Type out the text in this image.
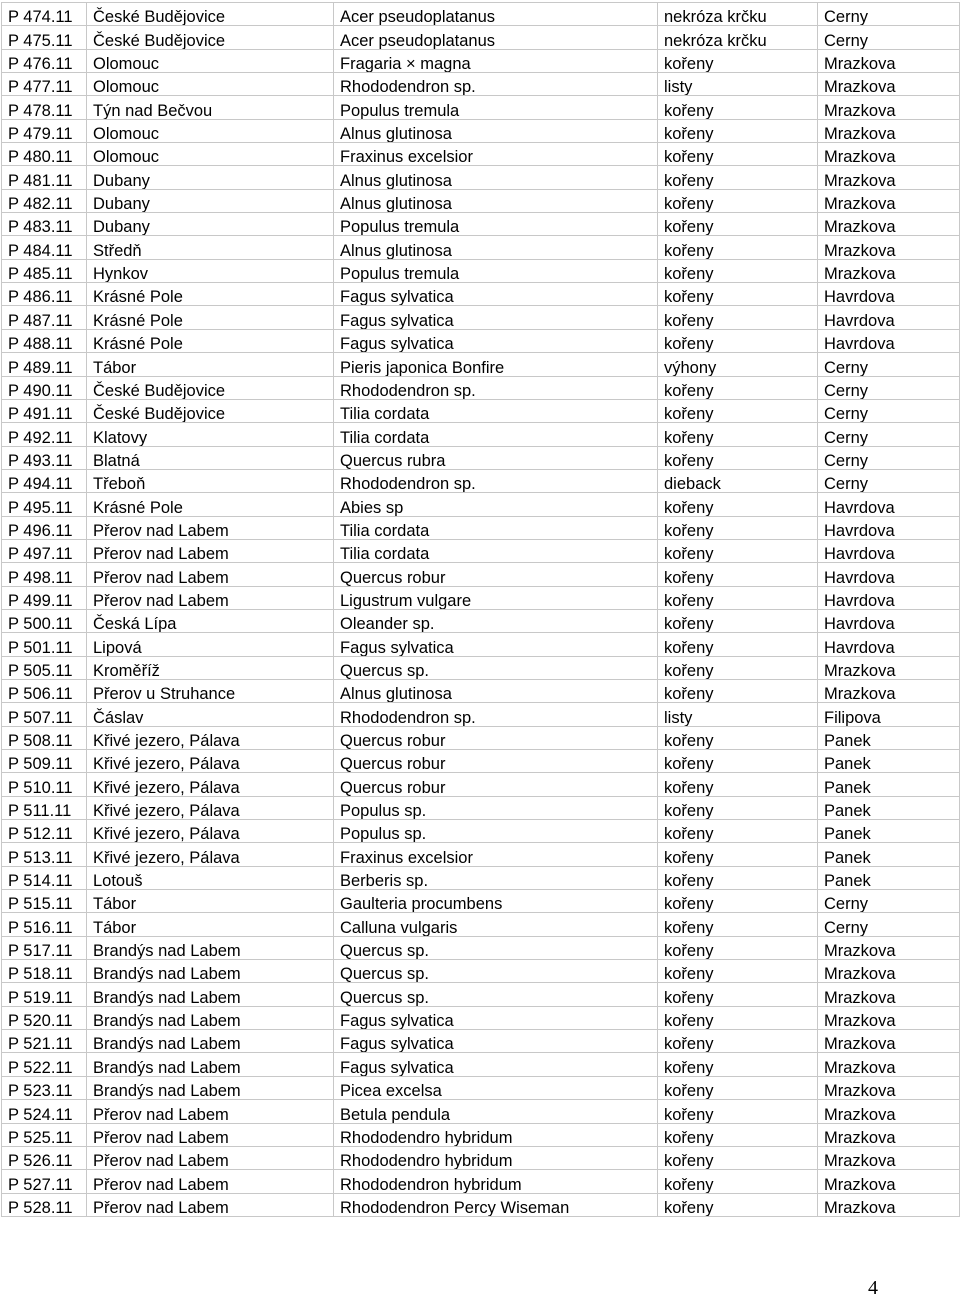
P 474.11	České Budějovice	Acer pseudoplatanus	nekróza krčku	Cerny
P 475.11	České Budějovice	Acer pseudoplatanus	nekróza krčku	Cerny
P 476.11	Olomouc	Fragaria × magna	kořeny	Mrazkova
P 477.11	Olomouc	Rhododendron sp.	listy	Mrazkova
P 478.11	Týn nad Bečvou	Populus tremula	kořeny	Mrazkova
P 479.11	Olomouc	Alnus glutinosa	kořeny	Mrazkova
P 480.11	Olomouc	Fraxinus excelsior	kořeny	Mrazkova
P 481.11	Dubany	Alnus glutinosa	kořeny	Mrazkova
P 482.11	Dubany	Alnus glutinosa	kořeny	Mrazkova
P 483.11	Dubany	Populus tremula	kořeny	Mrazkova
P 484.11	Středň	Alnus glutinosa	kořeny	Mrazkova
P 485.11	Hynkov	Populus tremula	kořeny	Mrazkova
P 486.11	Krásné Pole	Fagus sylvatica	kořeny	Havrdova
P 487.11	Krásné Pole	Fagus sylvatica	kořeny	Havrdova
P 488.11	Krásné Pole	Fagus sylvatica	kořeny	Havrdova
P 489.11	Tábor	Pieris japonica Bonfire	výhony	Cerny
P 490.11	České Budějovice	Rhododendron sp.	kořeny	Cerny
P 491.11	České Budějovice	Tilia cordata	kořeny	Cerny
P 492.11	Klatovy	Tilia cordata	kořeny	Cerny
P 493.11	Blatná	Quercus rubra	kořeny	Cerny
P 494.11	Třeboň	Rhododendron sp.	dieback	Cerny
P 495.11	Krásné Pole	Abies sp	kořeny	Havrdova
P 496.11	Přerov nad Labem	Tilia cordata	kořeny	Havrdova
P 497.11	Přerov nad Labem	Tilia cordata	kořeny	Havrdova
P 498.11	Přerov nad Labem	Quercus robur	kořeny	Havrdova
P 499.11	Přerov nad Labem	Ligustrum vulgare	kořeny	Havrdova
P 500.11	Česká Lípa	Oleander sp.	kořeny	Havrdova
P 501.11	Lipová	Fagus sylvatica	kořeny	Havrdova
P 505.11	Kroměříž	Quercus sp.	kořeny	Mrazkova
P 506.11	Přerov u Struhance	Alnus glutinosa	kořeny	Mrazkova
P 507.11	Čáslav	Rhododendron sp.	listy	Filipova
P 508.11	Křivé jezero, Pálava	Quercus robur	kořeny	Panek
P 509.11	Křivé jezero, Pálava	Quercus robur	kořeny	Panek
P 510.11	Křivé jezero, Pálava	Quercus robur	kořeny	Panek
P 511.11	Křivé jezero, Pálava	Populus sp.	kořeny	Panek
P 512.11	Křivé jezero, Pálava	Populus sp.	kořeny	Panek
P 513.11	Křivé jezero, Pálava	Fraxinus excelsior	kořeny	Panek
P 514.11	Lotouš	Berberis sp.	kořeny	Panek
P 515.11	Tábor	Gaulteria procumbens	kořeny	Cerny
P 516.11	Tábor	Calluna vulgaris	kořeny	Cerny
P 517.11	Brandýs nad Labem	Quercus sp.	kořeny	Mrazkova
P 518.11	Brandýs nad Labem	Quercus sp.	kořeny	Mrazkova
P 519.11	Brandýs nad Labem	Quercus sp.	kořeny	Mrazkova
P 520.11	Brandýs nad Labem	Fagus sylvatica	kořeny	Mrazkova
P 521.11	Brandýs nad Labem	Fagus sylvatica	kořeny	Mrazkova
P 522.11	Brandýs nad Labem	Fagus sylvatica	kořeny	Mrazkova
P 523.11	Brandýs nad Labem	Picea excelsa	kořeny	Mrazkova
P 524.11	Přerov nad Labem	Betula pendula	kořeny	Mrazkova
P 525.11	Přerov nad Labem	Rhododendro hybridum	kořeny	Mrazkova
P 526.11	Přerov nad Labem	Rhododendro hybridum	kořeny	Mrazkova
P 527.11	Přerov nad Labem	Rhododendron hybridum	kořeny	Mrazkova
P 528.11	Přerov nad Labem	Rhododendron Percy Wiseman	kořeny	Mrazkova
4
